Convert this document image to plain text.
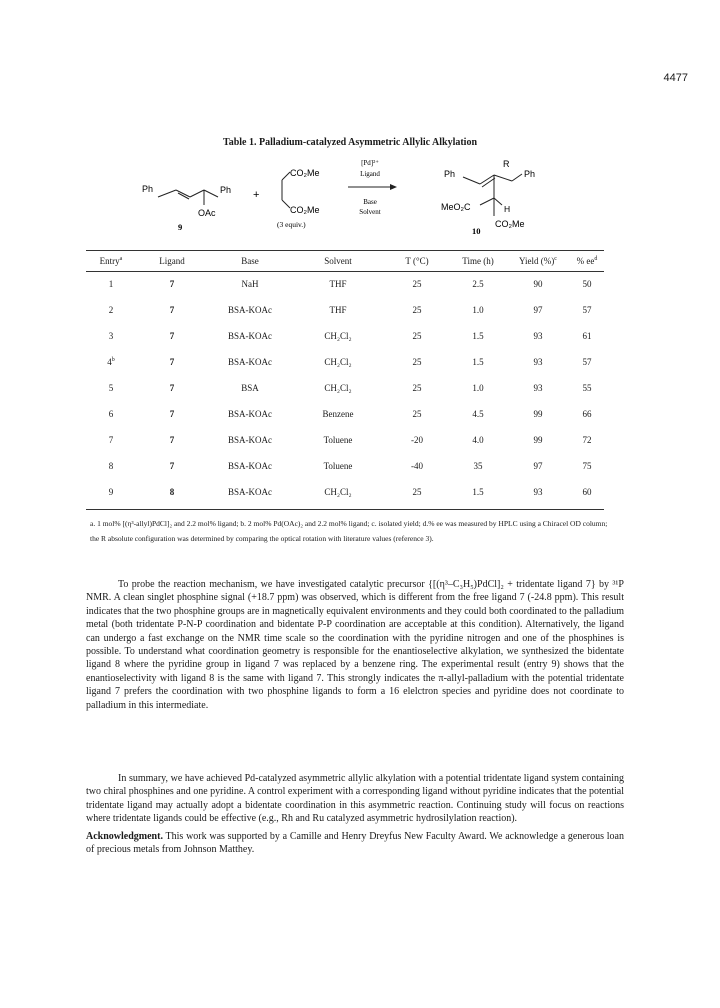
4477
Table 1. Palladium-catalyzed Asymmetric Allylic Alkylation
Ph	Ph
OAc
9
+
CO₂Me
CO₂Me
(3 equiv.)
[Pd]²⁺
Ligand
Base
Solvent
Ph
R
Ph
H
MeO₂C
CO₂Me
10
Entry$^a$	Ligand	Base	Solvent	T (°C)	Time (h)	Yield (%)$^c$	% $ee^d$
1	7	NaH	THF	25	2.5	90	50
2	7	BSA-KOAc	THF	25	1.0	97	57
3	7	BSA-KOAc	CH₂Cl₂	25	1.5	93	61
4$^b$	7	BSA-KOAc	CH₂Cl₂	25	1.5	93	57
5	7	BSA	CH₂Cl₂	25	1.0	93	55
6	7	BSA-KOAc	Benzene	25	4.5	99	66
7	7	BSA-KOAc	Toluene	-20	4.0	99	72
8	7	BSA-KOAc	Toluene	-40	35	97	75
9	8	BSA-KOAc	CH₂Cl₂	25	1.5	93	60
a. 1 mol% [(η³-allyl)PdCl]₂ and 2.2 mol% ligand; b. 2 mol% Pd(OAc)₂ and 2.2 mol% ligand; c. isolated yield; d.% ee was measured by HPLC using a Chiracel OD column; the R absolute configuration was determined by comparing the optical rotation with literature values (reference 3).

To probe the reaction mechanism, we have investigated catalytic precursor {[(η³–C₃H₅)PdCl]₂ + tridentate ligand 7} by ³¹P NMR. A clean singlet phosphine signal (+18.7 ppm) was observed, which is different from the free ligand 7 (-24.8 ppm). This result indicates that the two phosphine groups are in magnetically equivalent environments and they could both coordinated to the palladium metal (both tridentate P-N-P coordination and bidentate P-P coordination are acceptable at this condition). Alternatively, the ligand can undergo a fast exchange on the NMR time scale so the coordination with the pyridine nitrogen and one of the phosphines is possible. To understand what coordination geometry is responsible for the enantioselective alkylation, we synthesized the bidentate ligand 8 where the pyridine group in ligand 7 was replaced by a benzene ring. The experimental result (entry 9) shows that the enantioselectivity with ligand 8 is the same with ligand 7. This strongly indicates the π-allyl-palladium with the potential tridentate ligand 7 prefers the coordination with two phosphine ligands to form a 16 elelctron species and pyridine does not coordinate to palladium in this intermediate.

In summary, we have achieved Pd-catalyzed asymmetric allylic alkylation with a potential tridentate ligand system containing two chiral phosphines and one pyridine. A control experiment with a corresponding ligand without pyridine indicates that the potential tridentate ligand may actually adopt a bidentate coordination in this asymmetric reaction. Continuing study will focus on reactions where tridentate ligands could be effective (e.g., Rh and Ru catalyzed asymmetric hydrosilylation reaction).

Acknowledgment. This work was supported by a Camille and Henry Dreyfus New Faculty Award. We acknowledge a generous loan of precious metals from Johnson Matthey.
